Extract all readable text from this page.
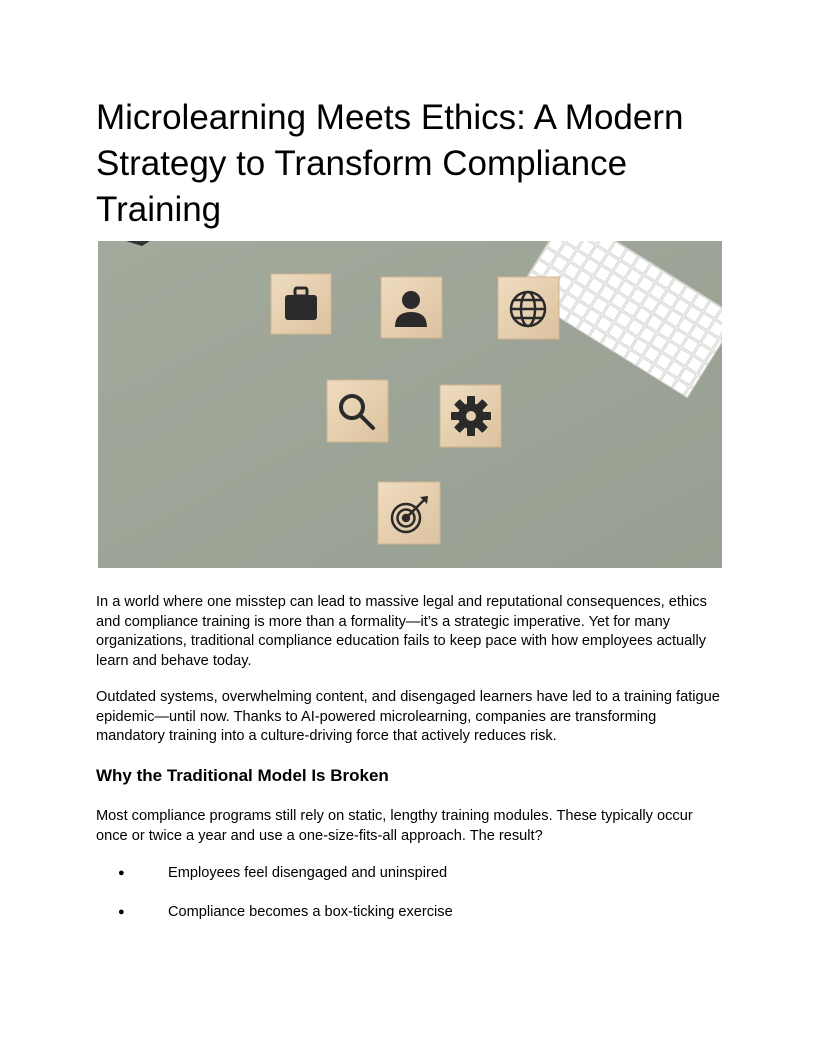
Microlearning Meets Ethics: A Modern Strategy to Transform Compliance Training

In a world where one misstep can lead to massive legal and reputational consequences, ethics and compliance training is more than a formality—it’s a strategic imperative. Yet for many organizations, traditional compliance education fails to keep pace with how employees actually learn and behave today.

Outdated systems, overwhelming content, and disengaged learners have led to a training fatigue epidemic—until now. Thanks to AI-powered microlearning, companies are transforming mandatory training into a culture-driving force that actively reduces risk.

Why the Traditional Model Is Broken

Most compliance programs still rely on static, lengthy training modules. These typically occur once or twice a year and use a one-size-fits-all approach. The result?

●	Employees feel disengaged and uninspired
●	Compliance becomes a box-ticking exercise
